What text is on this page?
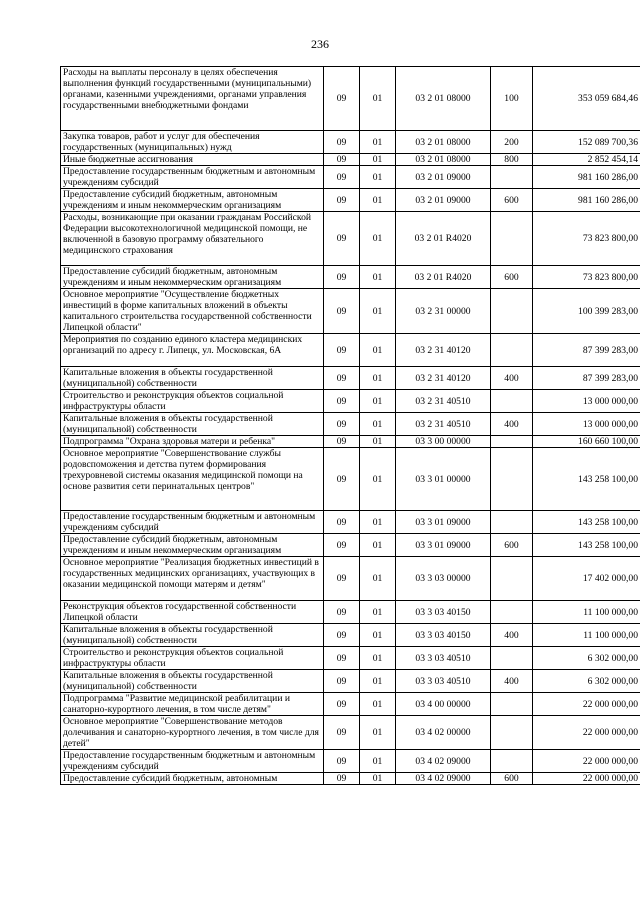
236
Расходы на выплаты персоналу в целях обеспечения выполнения функций государственными (муниципальными) органами, казенными учреждениями, органами управления государственными внебюджетными фондами	09	01	03 2 01 08000	100	353 059 684,46
Закупка товаров, работ и услуг для обеспечения государственных (муниципальных) нужд	09	01	03 2 01 08000	200	152 089 700,36
Иные бюджетные ассигнования	09	01	03 2 01 08000	800	2 852 454,14
Предоставление государственным бюджетным и автономным учреждениям субсидий	09	01	03 2 01 09000		981 160 286,00
Предоставление субсидий бюджетным, автономным учреждениям и иным некоммерческим организациям	09	01	03 2 01 09000	600	981 160 286,00
Расходы, возникающие при оказании гражданам Российской Федерации высокотехнологичной медицинской помощи, не включенной в базовую программу обязательного медицинского страхования	09	01	03 2 01 R4020		73 823 800,00
Предоставление субсидий бюджетным, автономным учреждениям и иным некоммерческим организациям	09	01	03 2 01 R4020	600	73 823 800,00
Основное мероприятие "Осуществление бюджетных инвестиций в форме капитальных вложений в объекты капитального строительства государственной собственности Липецкой области"	09	01	03 2 31 00000		100 399 283,00
Мероприятия по созданию единого кластера медицинских организаций по адресу г. Липецк, ул. Московская, 6А	09	01	03 2 31 40120		87 399 283,00
Капитальные вложения в объекты государственной (муниципальной) собственности	09	01	03 2 31 40120	400	87 399 283,00
Строительство и реконструкция объектов социальной инфраструктуры области	09	01	03 2 31 40510		13 000 000,00
Капитальные вложения в объекты государственной (муниципальной) собственности	09	01	03 2 31 40510	400	13 000 000,00
Подпрограмма "Охрана здоровья матери и ребенка"	09	01	03 3 00 00000		160 660 100,00
Основное мероприятие "Совершенствование службы родовспоможения и детства путем формирования трехуровневой системы оказания медицинской помощи на основе развития сети перинатальных центров"	09	01	03 3 01 00000		143 258 100,00
Предоставление государственным бюджетным и автономным учреждениям субсидий	09	01	03 3 01 09000		143 258 100,00
Предоставление субсидий бюджетным, автономным учреждениям и иным некоммерческим организациям	09	01	03 3 01 09000	600	143 258 100,00
Основное мероприятие "Реализация бюджетных инвестиций в государственных медицинских организациях, участвующих в оказании медицинской помощи матерям и детям"	09	01	03 3 03 00000		17 402 000,00
Реконструкция объектов государственной собственности Липецкой области	09	01	03 3 03 40150		11 100 000,00
Капитальные вложения в объекты государственной (муниципальной) собственности	09	01	03 3 03 40150	400	11 100 000,00
Строительство и реконструкция объектов социальной инфраструктуры области	09	01	03 3 03 40510		6 302 000,00
Капитальные вложения в объекты государственной (муниципальной) собственности	09	01	03 3 03 40510	400	6 302 000,00
Подпрограмма "Развитие медицинской реабилитации и санаторно-курортного лечения, в том числе детям"	09	01	03 4 00 00000		22 000 000,00
Основное мероприятие "Совершенствование методов долечивания и санаторно-курортного лечения, в том числе для детей"	09	01	03 4 02 00000		22 000 000,00
Предоставление государственным бюджетным и автономным учреждениям субсидий	09	01	03 4 02 09000		22 000 000,00
Предоставление субсидий бюджетным, автономным	09	01	03 4 02 09000	600	22 000 000,00
